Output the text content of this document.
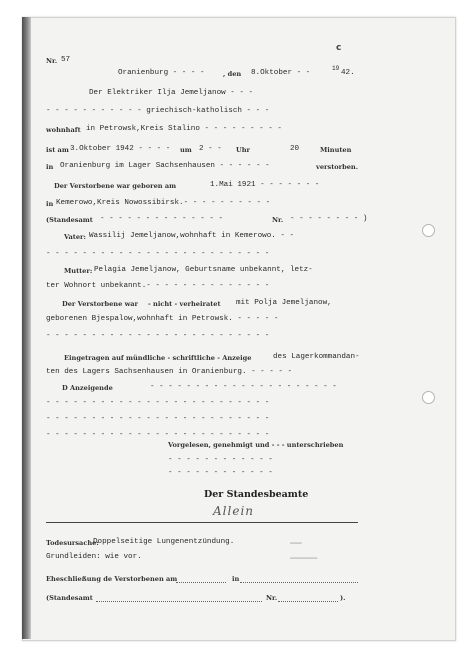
c
Nr. 57
Oranienburg - - - -	, den 8.Oktober - -
19
42.
Der Elektriker Ilja Jemeljanow - - -
- - - - - - - - - - - griechisch-katholisch - - -
wohnhaft in Petrowsk,Kreis Stalino - - - - - - - - -
ist am 3.Oktober 1942 - - - - um 2 - - Uhr	20	Minuten
in Oranienburg im Lager Sachsenhausen - - - - - -	verstorben.
Der Verstorbene war geboren am	1.Mai 1921 - - - - - - -
in Kemerowo,Kreis Nowossibirsk.- - - - - - - - - -
(Standesamt - - - - - - - - - - - - - -	Nr. - - - - - - - - )
Vater: Wassilij Jemeljanow,wohnhaft in Kemerowo. - -
- - - - - - - - - - - - - - - - - - - - - - - - -
Mutter: Pelagia Jemeljanow, Geburtsname unbekannt, letz-
ter Wohnort unbekannt.- - - - - - - - - - - - - -
Der Verstorbene war - nicht - verheiratet mit Polja Jemeljanow,
geborenen Bjespalow,wohnhaft in Petrowsk. - - - - -
- - - - - - - - - - - - - - - - - - - - - - - - -
Eingetragen auf mündliche - schriftliche - Anzeige	des Lagerkommandan-
ten des Lagers Sachsenhausen in Oranienburg. - - - - -
D Anzeigende	- - - - - - - - - - - - - - - - - - - - -
- - - - - - - - - - - - - - - - - - - - - - - - -
- - - - - - - - - - - - - - - - - - - - - - - - -
- - - - - - - - - - - - - - - - - - - - - - - - -
Vorgelesen, genehmigt und - - - unterschrieben
- - - - - - - - - - - -
- - - - - - - - - - - -
Der Standesbeamte
Allein
Todesursache:
Doppelseitige Lungenentzündung.	▬▬▬
Grundleiden: wie vor.	▬▬▬▬▬▬▬
Eheschließung de Verstorbenen am	in
(Standesamt	Nr.	).
